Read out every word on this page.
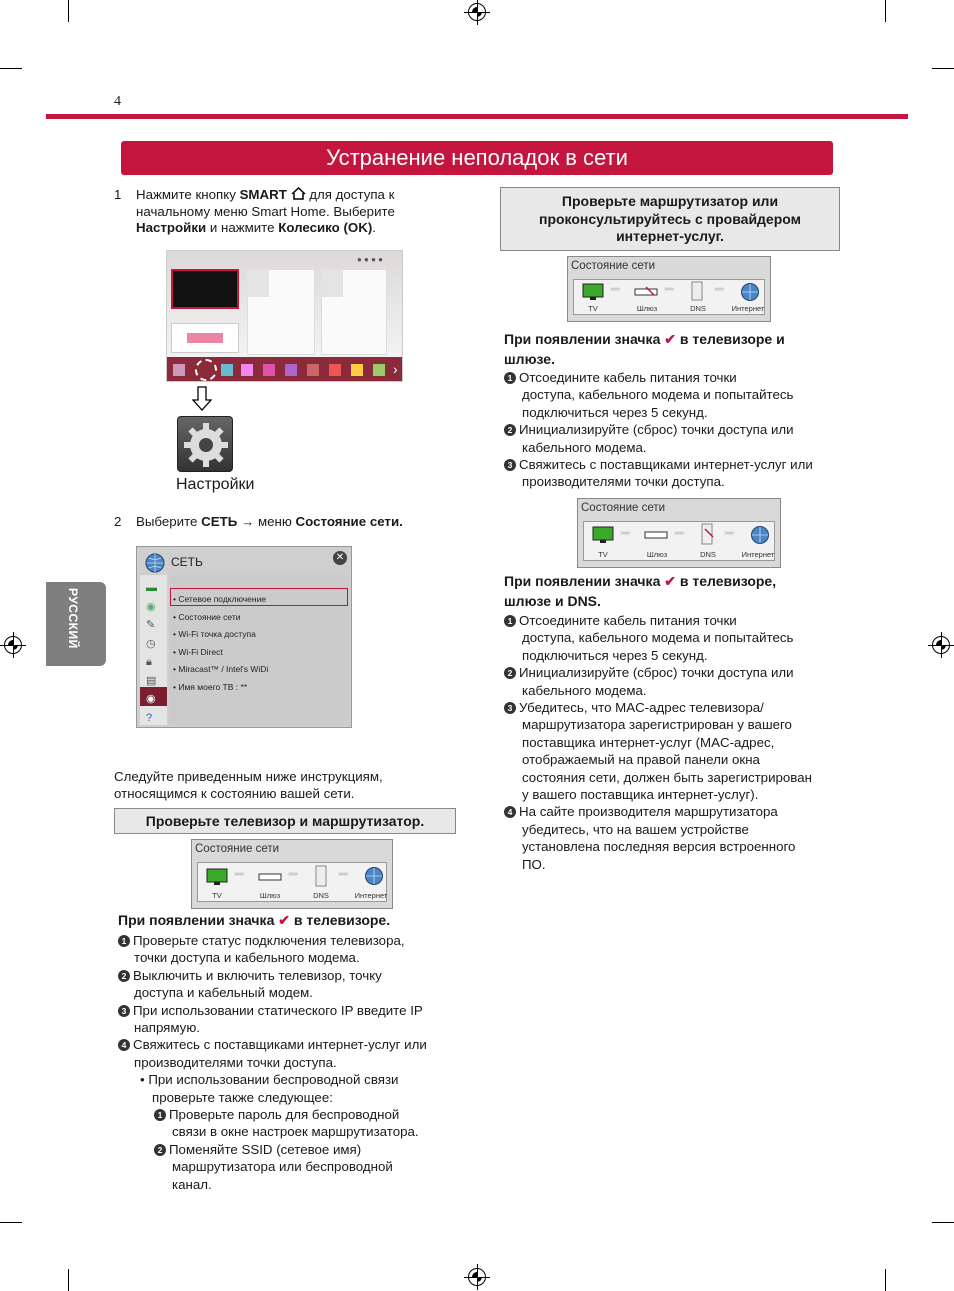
4
Устранение неполадок в сети
РУССКИЙ
1 Нажмите кнопку SMART  для доступа к
начальному меню Smart Home. Выберите
Настройки и нажмите Колесико (OK).
● ● ● ●
›
Настройки
2 Выберите СЕТЬ → меню Состояние сети.
СЕТЬ	✕
• Сетевое подключение
• Состояние сети
• Wi-Fi точка доступа
• Wi-Fi Direct
• Miracast™ / Intel's WiDi
• Имя моего ТВ : **
▬
◉
✎
◷
🔒︎
▤
◉
?
Следуйте приведенным ниже инструкциям,
относящимся к состоянию вашей сети.
Проверьте телевизор и маршрутизатор.
Состояние сети
›››››››	›››››››	›››››››
TV	Шлюз	DNS	Интернет
При появлении значка ✔ в телевизоре.
1 Проверьте статус подключения телевизора,
точки доступа и кабельного модема.
2 Выключить и включить телевизор, точку
доступа и кабельный модем.
3 При использовании статического IP введите IP
напрямую.
4 Свяжитесь с поставщиками интернет-услуг или
производителями точки доступа.
• При использовании беспроводной связи
проверьте также следующее:
1 Проверьте пароль для беспроводной
связи в окне настроек маршрутизатора.
2 Поменяйте SSID (сетевое имя)
маршрутизатора или беспроводной
канал.
Проверьте маршрутизатор или
проконсультируйтесь с провайдером
интернет-услуг.
Состояние сети
›››››››	›››››››	›››››››
TV	Шлюз	DNS	Интернет
При появлении значка ✔ в телевизоре и
шлюзе.
1 Отсоедините кабель питания точки
доступа, кабельного модема и попытайтесь
подключиться через 5 секунд.
2 Инициализируйте (сброс) точки доступа или
кабельного модема.
3 Свяжитесь с поставщиками интернет-услуг или
производителями точки доступа.
Состояние сети
›››››››	›››››››	›››››››
TV	Шлюз	DNS	Интернет
При появлении значка ✔ в телевизоре,
шлюзе и DNS.
1 Отсоедините кабель питания точки
доступа, кабельного модема и попытайтесь
подключиться через 5 секунд.
2 Инициализируйте (сброс) точки доступа или
кабельного модема.
3 Убедитесь, что MAC-адрес телевизора/
маршрутизатора зарегистрирован у вашего
поставщика интернет-услуг (MAC-адрес,
отображаемый на правой панели окна
состояния сети, должен быть зарегистрирован
у вашего поставщика интернет-услуг).
4 На сайте производителя маршрутизатора
убедитесь, что на вашем устройстве
установлена последняя версия встроенного
ПО.
